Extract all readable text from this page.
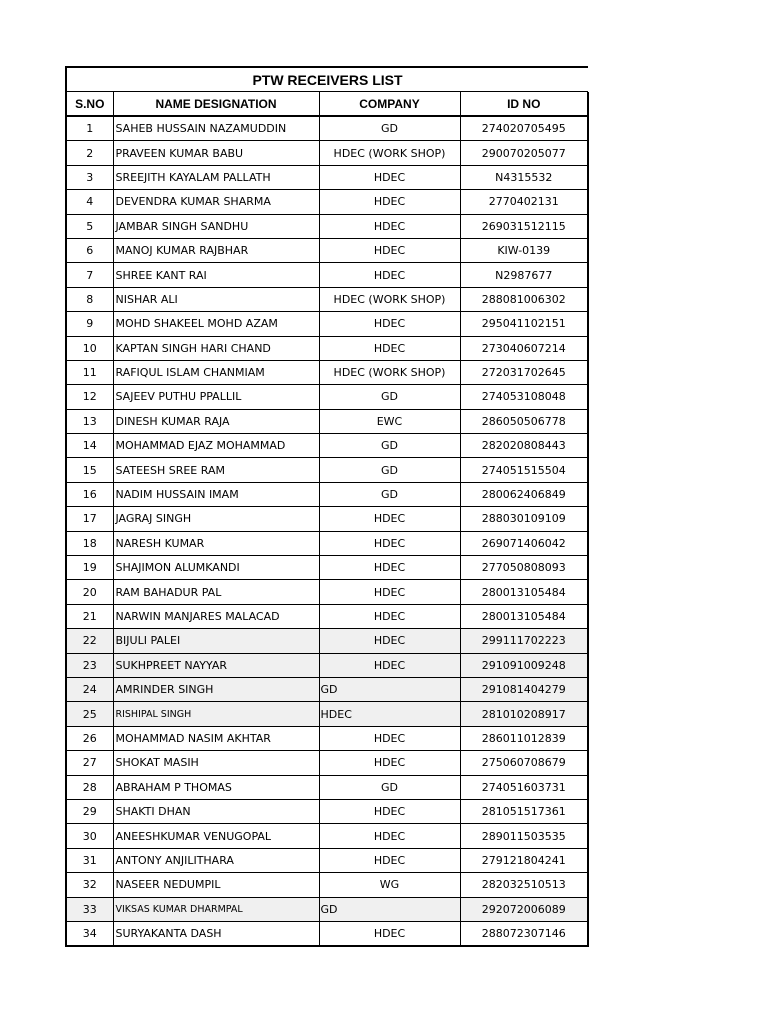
PTW RECEIVERS LIST
S.NO	NAME DESIGNATION	COMPANY	ID NO
1	SAHEB HUSSAIN NAZAMUDDIN	GD	274020705495
2	PRAVEEN KUMAR BABU	HDEC (WORK SHOP)	290070205077
3	SREEJITH KAYALAM PALLATH	HDEC	N4315532
4	DEVENDRA KUMAR SHARMA	HDEC	2770402131
5	JAMBAR SINGH SANDHU	HDEC	269031512115
6	MANOJ KUMAR RAJBHAR	HDEC	KIW-0139
7	SHREE KANT RAI	HDEC	N2987677
8	NISHAR ALI	HDEC (WORK SHOP)	288081006302
9	MOHD SHAKEEL MOHD AZAM	HDEC	295041102151
10	KAPTAN SINGH HARI CHAND	HDEC	273040607214
11	RAFIQUL ISLAM CHANMIAM	HDEC (WORK SHOP)	272031702645
12	SAJEEV PUTHU PPALLIL	GD	274053108048
13	DINESH KUMAR RAJA	EWC	286050506778
14	MOHAMMAD EJAZ MOHAMMAD	GD	282020808443
15	SATEESH SREE RAM	GD	274051515504
16	NADIM HUSSAIN IMAM	GD	280062406849
17	JAGRAJ SINGH	HDEC	288030109109
18	NARESH KUMAR	HDEC	269071406042
19	SHAJIMON ALUMKANDI	HDEC	277050808093
20	RAM BAHADUR PAL	HDEC	280013105484
21	NARWIN MANJARES MALACAD	HDEC	280013105484
22	BIJULI PALEI	HDEC	299111702223
23	SUKHPREET NAYYAR	HDEC	291091009248
24	AMRINDER SINGH	GD	291081404279
25	RISHIPAL SINGH	HDEC	281010208917
26	MOHAMMAD NASIM AKHTAR	HDEC	286011012839
27	SHOKAT MASIH	HDEC	275060708679
28	ABRAHAM P THOMAS	GD	274051603731
29	SHAKTI DHAN	HDEC	281051517361
30	ANEESHKUMAR VENUGOPAL	HDEC	289011503535
31	ANTONY ANJILITHARA	HDEC	279121804241
32	NASEER NEDUMPIL	WG	282032510513
33	VIKSAS KUMAR DHARMPAL	GD	292072006089
34	SURYAKANTA DASH	HDEC	288072307146
